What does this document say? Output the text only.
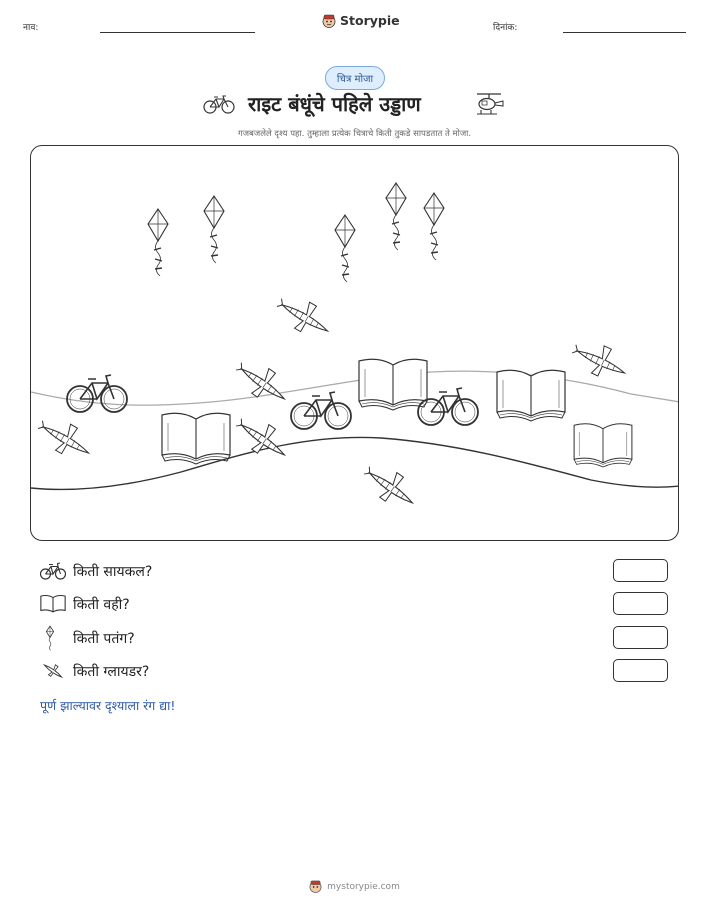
नाव:	Storypie	दिनांक:
चित्र मोजा
राइट बंधूंचे पहिले उड्डाण
गजबजलेले दृश्य पहा. तुम्हाला प्रत्येक चित्राचे किती तुकडे सापडतात ते मोजा.
किती सायकल?
किती वही?
किती पतंग?
किती ग्लायडर?
पूर्ण झाल्यावर दृश्याला रंग द्या!
mystorypie.com
